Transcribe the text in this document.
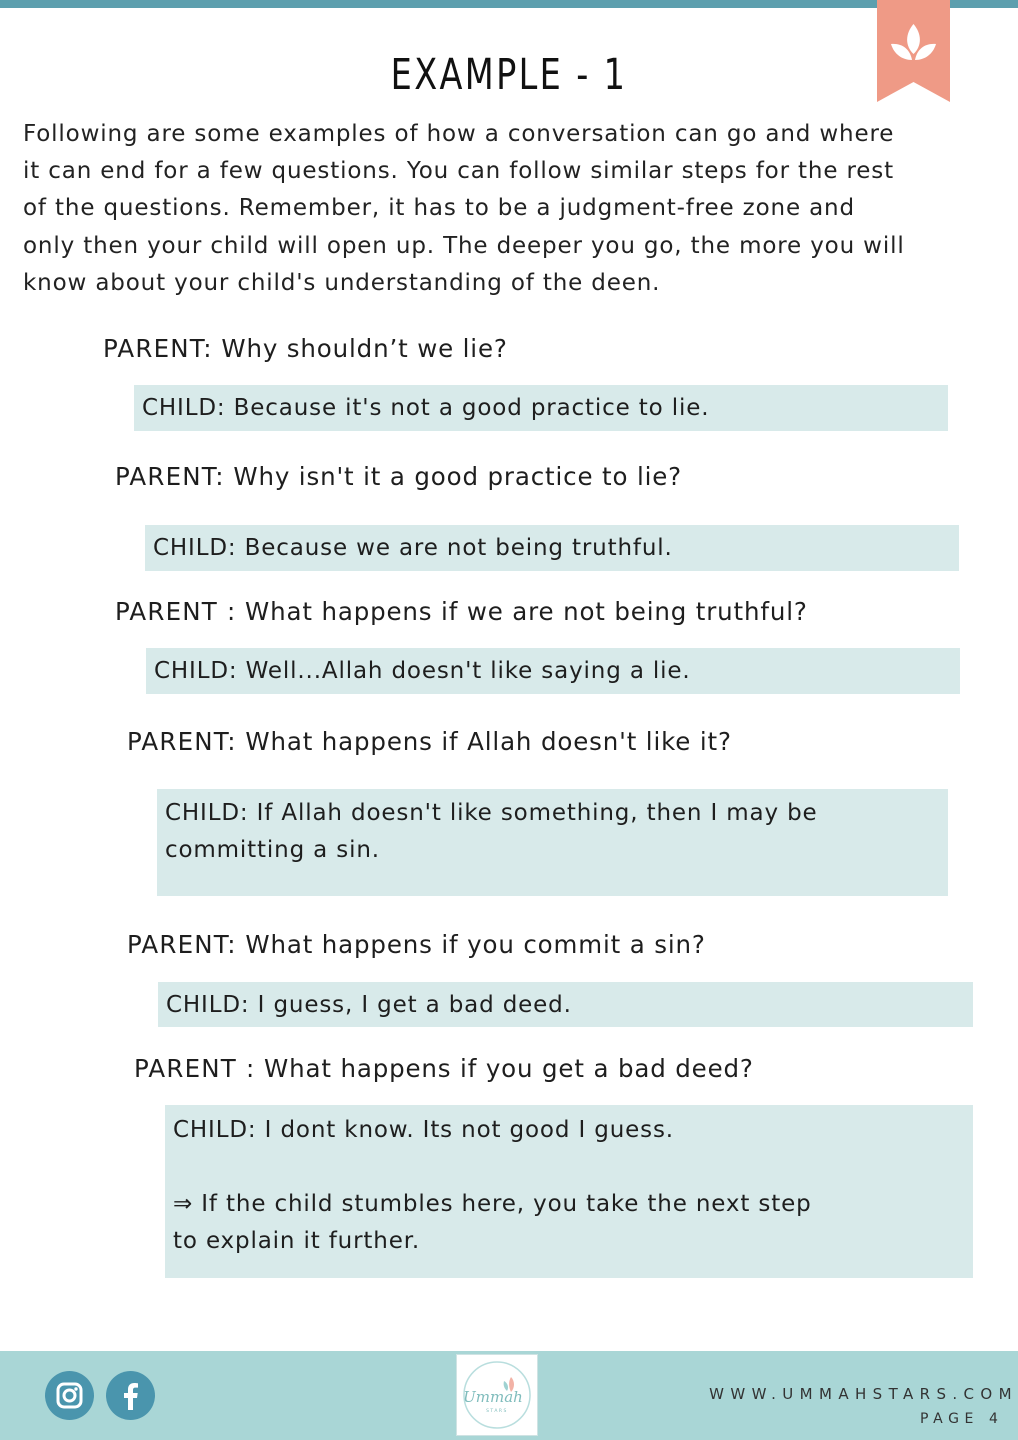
EXAMPLE - 1

Following are some examples of how a conversation can go and where
it can end for a few questions. You can follow similar steps for the rest
of the questions. Remember, it has to be a judgment-free zone and
only then your child will open up. The deeper you go, the more you will
know about your child's understanding of the deen.

PARENT: Why shouldn’t we lie?

CHILD: Because it's not a good practice to lie.

PARENT: Why isn't it a good practice to lie?

CHILD: Because we are not being truthful.

PARENT : What happens if we are not being truthful?

CHILD: Well...Allah doesn't like saying a lie.

PARENT: What happens if Allah doesn't like it?

CHILD: If Allah doesn't like something, then I may be

committing a sin.

PARENT: What happens if you commit a sin?

CHILD: I guess, I get a bad deed.

PARENT : What happens if you get a bad deed?

CHILD: I dont know. Its not good I guess.

⇒ If the child stumbles here, you take the next step

to explain it further.

Ummah
STARS
WWW.UMMAHSTARS.COM
PAGE 4
